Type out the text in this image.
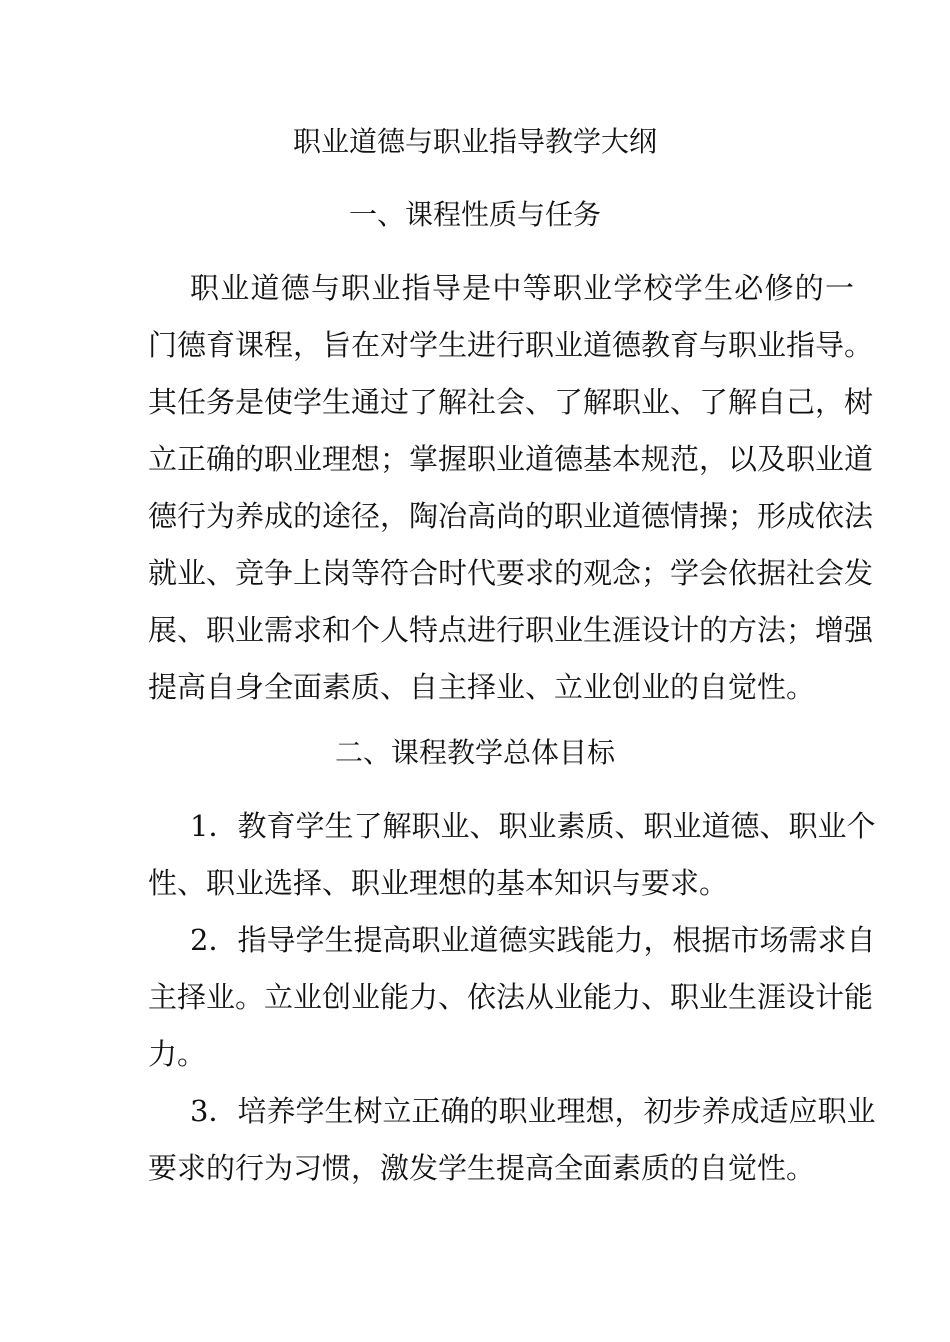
职业道德与职业指导教学大纲
一、课程性质与任务
职业道德与职业指导是中等职业学校学生必修的一
门德育课程，旨在对学生进行职业道德教育与职业指导。
其任务是使学生通过了解社会、了解职业、了解自己，树
立正确的职业理想；掌握职业道德基本规范，以及职业道
德行为养成的途径，陶冶高尚的职业道德情操；形成依法
就业、竞争上岗等符合时代要求的观念；学会依据社会发
展、职业需求和个人特点进行职业生涯设计的方法；增强
提高自身全面素质、自主择业、立业创业的自觉性。
二、课程教学总体目标
1．教育学生了解职业、职业素质、职业道德、职业个
性、职业选择、职业理想的基本知识与要求。
2．指导学生提高职业道德实践能力，根据市场需求自
主择业。立业创业能力、依法从业能力、职业生涯设计能
力。
3．培养学生树立正确的职业理想，初步养成适应职业
要求的行为习惯，激发学生提高全面素质的自觉性。
